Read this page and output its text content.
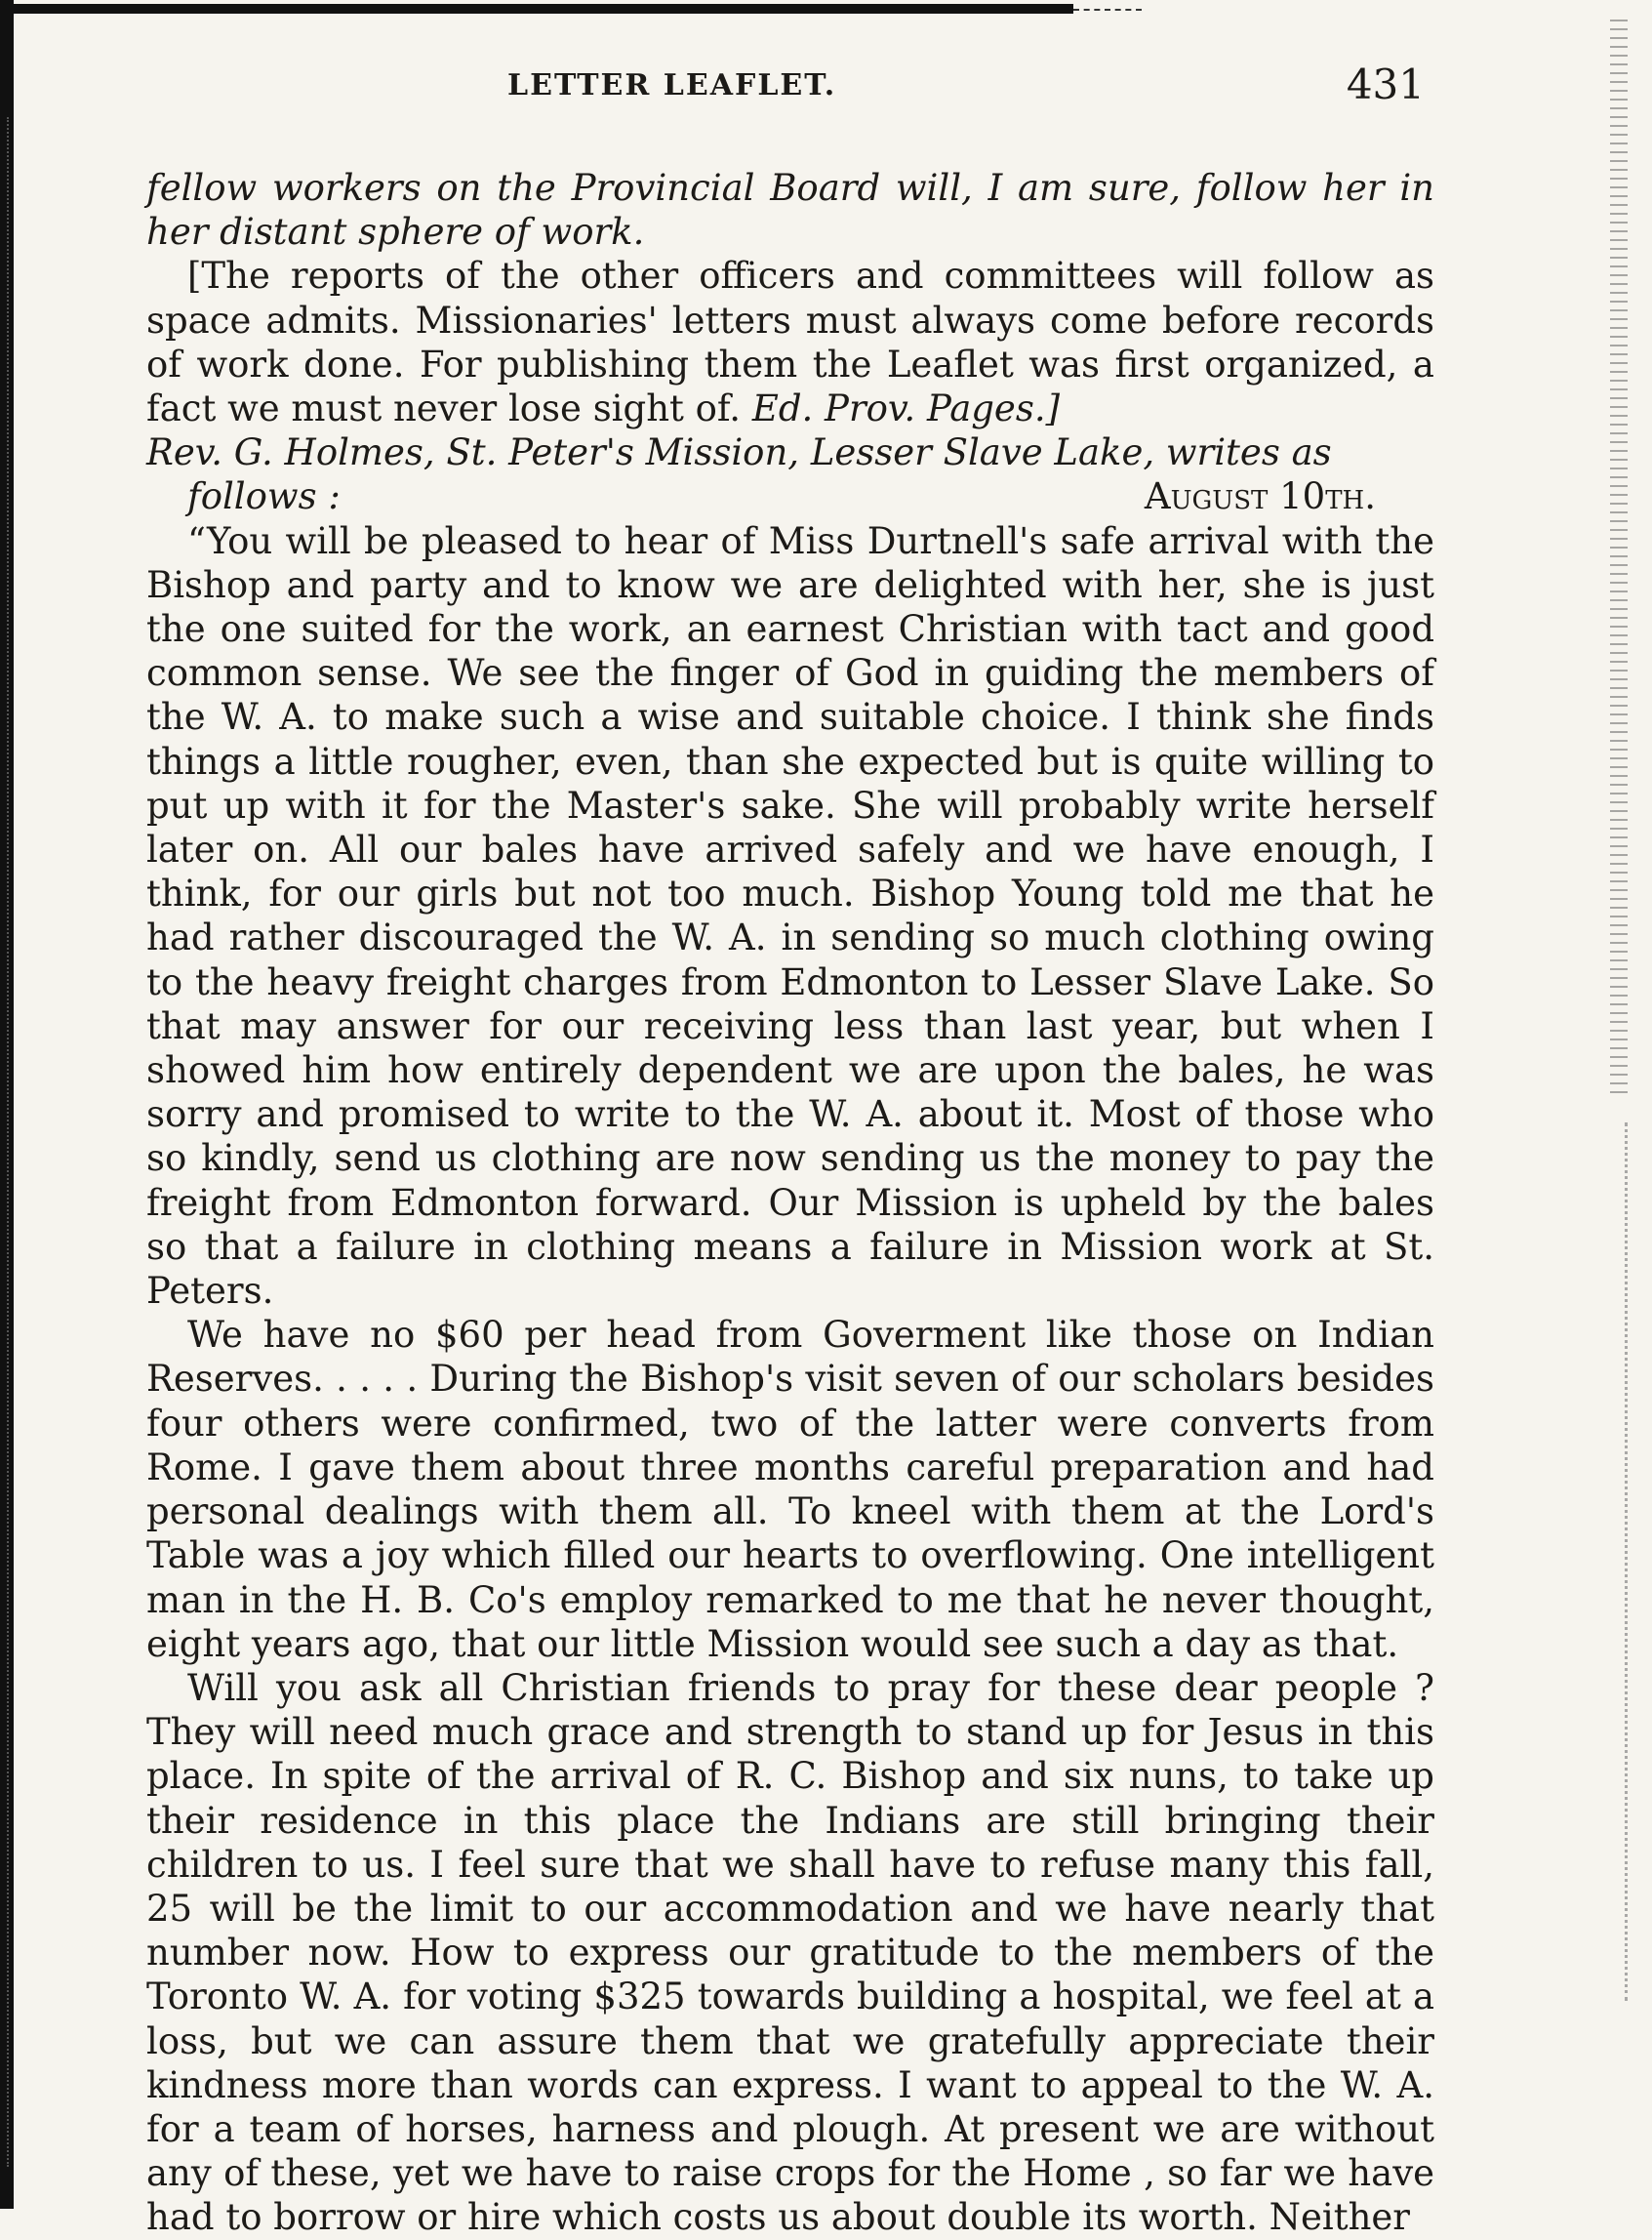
LETTER LEAFLET.	431

fellow workers on the Provincial Board will, I am sure, follow her in her distant sphere of work.

[The reports of the other officers and committees will follow as space admits. Missionaries' letters must always come before records of work done. For publishing them the Leaflet was first organized, a fact we must never lose sight of. Ed. Prov. Pages.]

Rev. G. Holmes, St. Peter's Mission, Lesser Slave Lake, writes as

follows :	August 10th.

“You will be pleased to hear of Miss Durtnell's safe arrival with the Bishop and party and to know we are delighted with her, she is just the one suited for the work, an earnest Christian with tact and good common sense. We see the finger of God in guiding the members of the W. A. to make such a wise and suitable choice. I think she finds things a little rougher, even, than she expected but is quite willing to put up with it for the Master's sake. She will probably write herself later on. All our bales have arrived safely and we have enough, I think, for our girls but not too much. Bishop Young told me that he had rather discouraged the W. A. in sending so much clothing owing to the heavy freight charges from Edmonton to Lesser Slave Lake. So that may answer for our receiving less than last year, but when I showed him how entirely dependent we are upon the bales, he was sorry and promised to write to the W. A. about it. Most of those who so kindly, send us clothing are now sending us the money to pay the freight from Edmonton forward. Our Mission is upheld by the bales so that a failure in clothing means a failure in Mission work at St. Peters.

We have no $60 per head from Goverment like those on Indian Reserves. . . . . During the Bishop's visit seven of our scholars besides four others were confirmed, two of the latter were converts from Rome. I gave them about three months careful preparation and had personal dealings with them all. To kneel with them at the Lord's Table was a joy which filled our hearts to overflowing. One intelligent man in the H. B. Co's employ remarked to me that he never thought, eight years ago, that our little Mission would see such a day as that.

Will you ask all Christian friends to pray for these dear people ? They will need much grace and strength to stand up for Jesus in this place. In spite of the arrival of R. C. Bishop and six nuns, to take up their residence in this place the Indians are still bringing their children to us. I feel sure that we shall have to refuse many this fall, 25 will be the limit to our accommodation and we have nearly that number now. How to express our gratitude to the members of the Toronto W. A. for voting $325 towards building a hospital, we feel at a loss, but we can assure them that we gratefully appreciate their kindness more than words can express. I want to appeal to the W. A. for a team of horses, harness and plough. At present we are without any of these, yet we have to raise crops for the Home , so far we have had to borrow or hire which costs us about double its worth. Neither
